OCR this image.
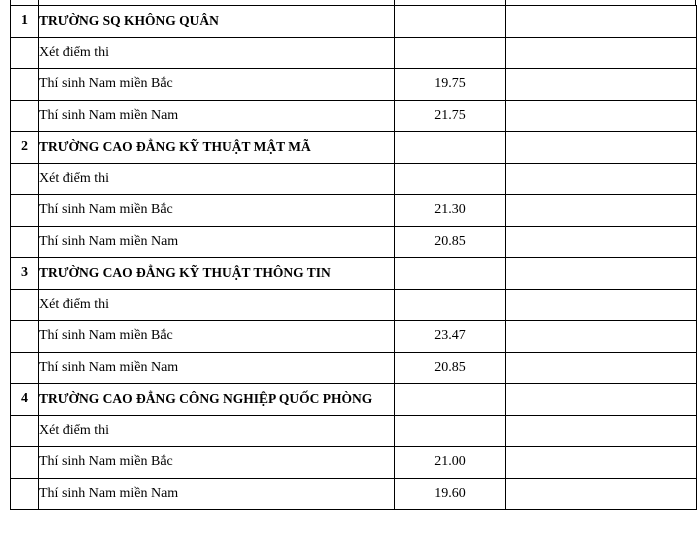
1	TRƯỜNG SQ KHÔNG QUÂN		
	Xét điểm thi		
	Thí sinh Nam miền Bắc	19.75	
	Thí sinh Nam miền Nam	21.75	
2	TRƯỜNG CAO ĐẲNG KỸ THUẬT MẬT MÃ		
	Xét điểm thi		
	Thí sinh Nam miền Bắc	21.30	
	Thí sinh Nam miền Nam	20.85	
3	TRƯỜNG CAO ĐẲNG KỸ THUẬT THÔNG TIN		
	Xét điểm thi		
	Thí sinh Nam miền Bắc	23.47	
	Thí sinh Nam miền Nam	20.85	
4	TRƯỜNG CAO ĐẲNG CÔNG NGHIỆP QUỐC PHÒNG		
	Xét điểm thi		
	Thí sinh Nam miền Bắc	21.00	
	Thí sinh Nam miền Nam	19.60	
